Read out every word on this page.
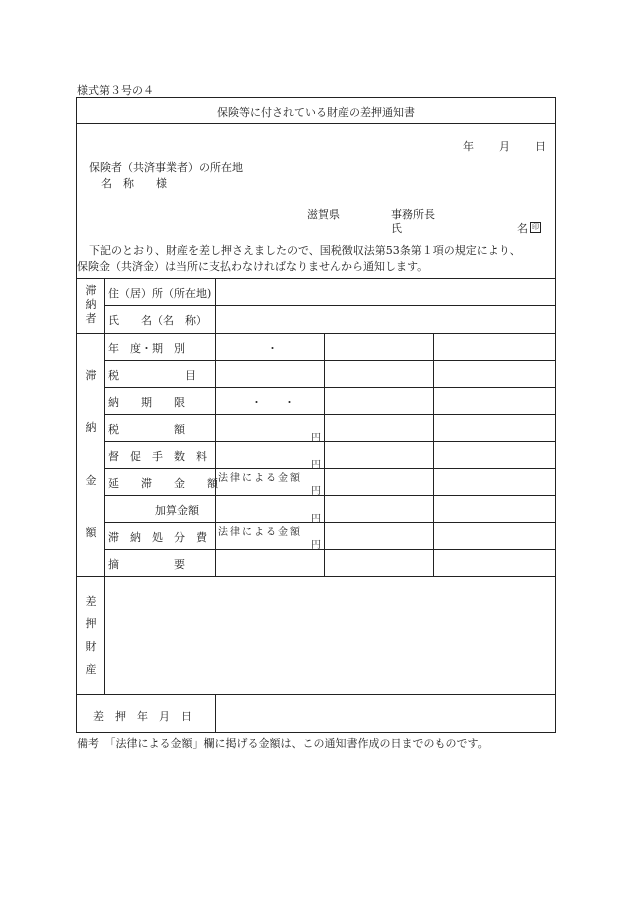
様式第３号の４
保険等に付されている財産の差押通知書
年 月 日
保険者（共済事業者）の所在地
名　称　　様
滋賀県	事務所長
氏	名 印
下記のとおり、財産を差し押さえましたので、国税徴収法第53条第１項の規定により、
保険金（共済金）は当所に支払わなければなりませんから通知します。
滞
納
者
住（居）所（所在地)
氏　　名（名　称）
滞
納
金
額
年　度・期　別
税　　　　　　目
納　　期　　限
税　　　　　額
督　促　手　数　料
延　　滞　　金　　額
加算金額
滞　納　処　分　費
摘　　　　　要
・
・　　・
円
円
法律による金額
円
円
法律による金額
円
差
押
財
産
差　押　年　月　日
備考　「法律による金額」欄に掲げる金額は、この通知書作成の日までのものです。
